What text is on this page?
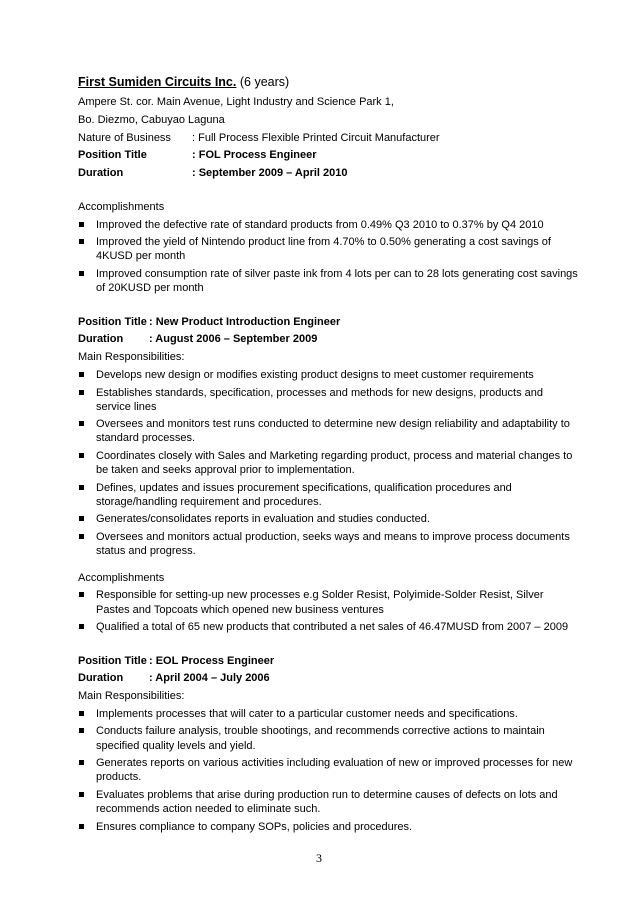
First Sumiden Circuits Inc. (6 years)
Ampere St. cor. Main Avenue, Light Industry and Science Park 1,
Bo. Diezmo, Cabuyao Laguna
Nature of Business	: Full Process Flexible Printed Circuit Manufacturer
Position Title	: FOL Process Engineer
Duration	: September 2009 – April 2010
Accomplishments
Improved the defective rate of standard products from 0.49% Q3 2010 to 0.37% by Q4 2010
Improved the yield of Nintendo product line from 4.70% to 0.50% generating a cost savings of 4KUSD per month
Improved consumption rate of silver paste ink from 4 lots per can to 28 lots generating cost savings of 20KUSD per month
Position Title : New Product Introduction Engineer
Duration	: August 2006 – September 2009
Main Responsibilities:
Develops new design or modifies existing product designs to meet customer requirements
Establishes standards, specification, processes and methods for new designs, products and service lines
Oversees and monitors test runs conducted to determine new design reliability and adaptability to standard processes.
Coordinates closely with Sales and Marketing regarding product, process and material changes to be taken and seeks approval prior to implementation.
Defines, updates and issues procurement specifications, qualification procedures and storage/handling requirement and procedures.
Generates/consolidates reports in evaluation and studies conducted.
Oversees and monitors actual production, seeks ways and means to improve process documents status and progress.
Accomplishments
Responsible for setting-up new processes e.g Solder Resist, Polyimide-Solder Resist, Silver Pastes and Topcoats which opened new business ventures
Qualified a total of 65 new products that contributed a net sales of 46.47MUSD from 2007 – 2009
Position Title : EOL Process Engineer
Duration	: April 2004 – July 2006
Main Responsibilities:
Implements processes that will cater to a particular customer needs and specifications.
Conducts failure analysis, trouble shootings, and recommends corrective actions to maintain specified quality levels and yield.
Generates reports on various activities including evaluation of new or improved processes for new products.
Evaluates problems that arise during production run to determine causes of defects on lots and recommends action needed to eliminate such.
Ensures compliance to company SOPs, policies and procedures.
3
